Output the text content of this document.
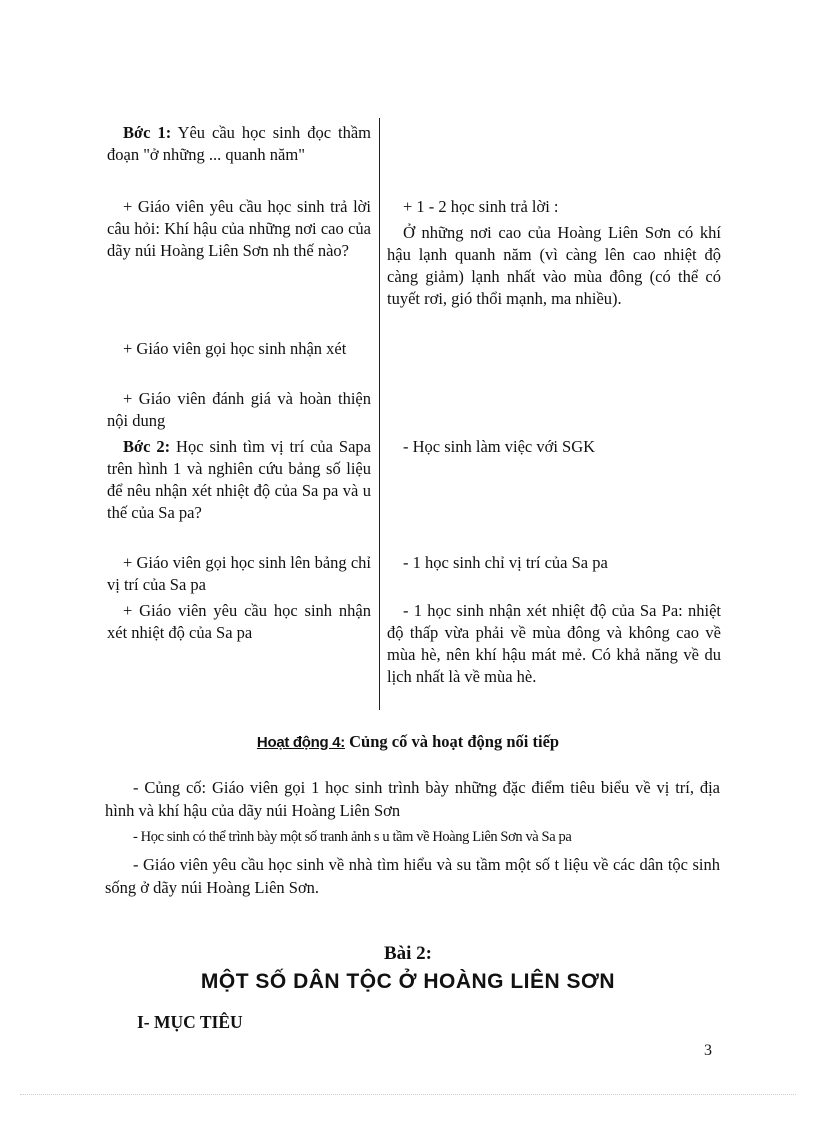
Bớc 1: Yêu cầu học sinh đọc thầm đoạn "ở những ... quanh năm"
+ Giáo viên yêu cầu học sinh trả lời câu hỏi: Khí hậu của những nơi cao của dãy núi Hoàng Liên Sơn nh thế nào?
+ 1 - 2 học sinh trả lời :
Ở những nơi cao của Hoàng Liên Sơn có khí hậu lạnh quanh năm (vì càng lên cao nhiệt độ càng giảm) lạnh nhất vào mùa đông (có thể có tuyết rơi, gió thổi mạnh, ma nhiều).
+ Giáo viên gọi học sinh nhận xét
+ Giáo viên đánh giá và hoàn thiện nội dung
Bớc 2: Học sinh tìm vị trí của Sapa trên hình 1 và nghiên cứu bảng số liệu để nêu nhận xét nhiệt độ của Sa pa và u thế của Sa pa?
- Học sinh làm việc với SGK
+ Giáo viên gọi học sinh lên bảng chỉ vị trí của Sa pa
- 1 học sinh chỉ vị trí của Sa pa
+ Giáo viên yêu cầu học sinh nhận xét nhiệt độ của Sa pa
- 1 học sinh nhận xét nhiệt độ của Sa Pa: nhiệt độ thấp vừa phải về mùa đông và không cao về mùa hè, nên khí hậu mát mẻ. Có khả năng về du lịch nhất là về mùa hè.
Hoạt động 4: Củng cố và hoạt động nối tiếp
- Củng cố: Giáo viên gọi 1 học sinh trình bày những đặc điểm tiêu biểu về vị trí, địa hình và khí hậu của dãy núi Hoàng Liên Sơn
- Học sinh có thể trình bày một số tranh ảnh s u tầm về Hoàng Liên Sơn và Sa pa
- Giáo viên yêu cầu học sinh về nhà tìm hiểu và su tầm một số t liệu về các dân tộc sinh sống ở dãy núi Hoàng Liên Sơn.
Bài 2:
MỘT SỐ DÂN TỘC Ở HOÀNG LIÊN SƠN
I- MỤC TIÊU
3
